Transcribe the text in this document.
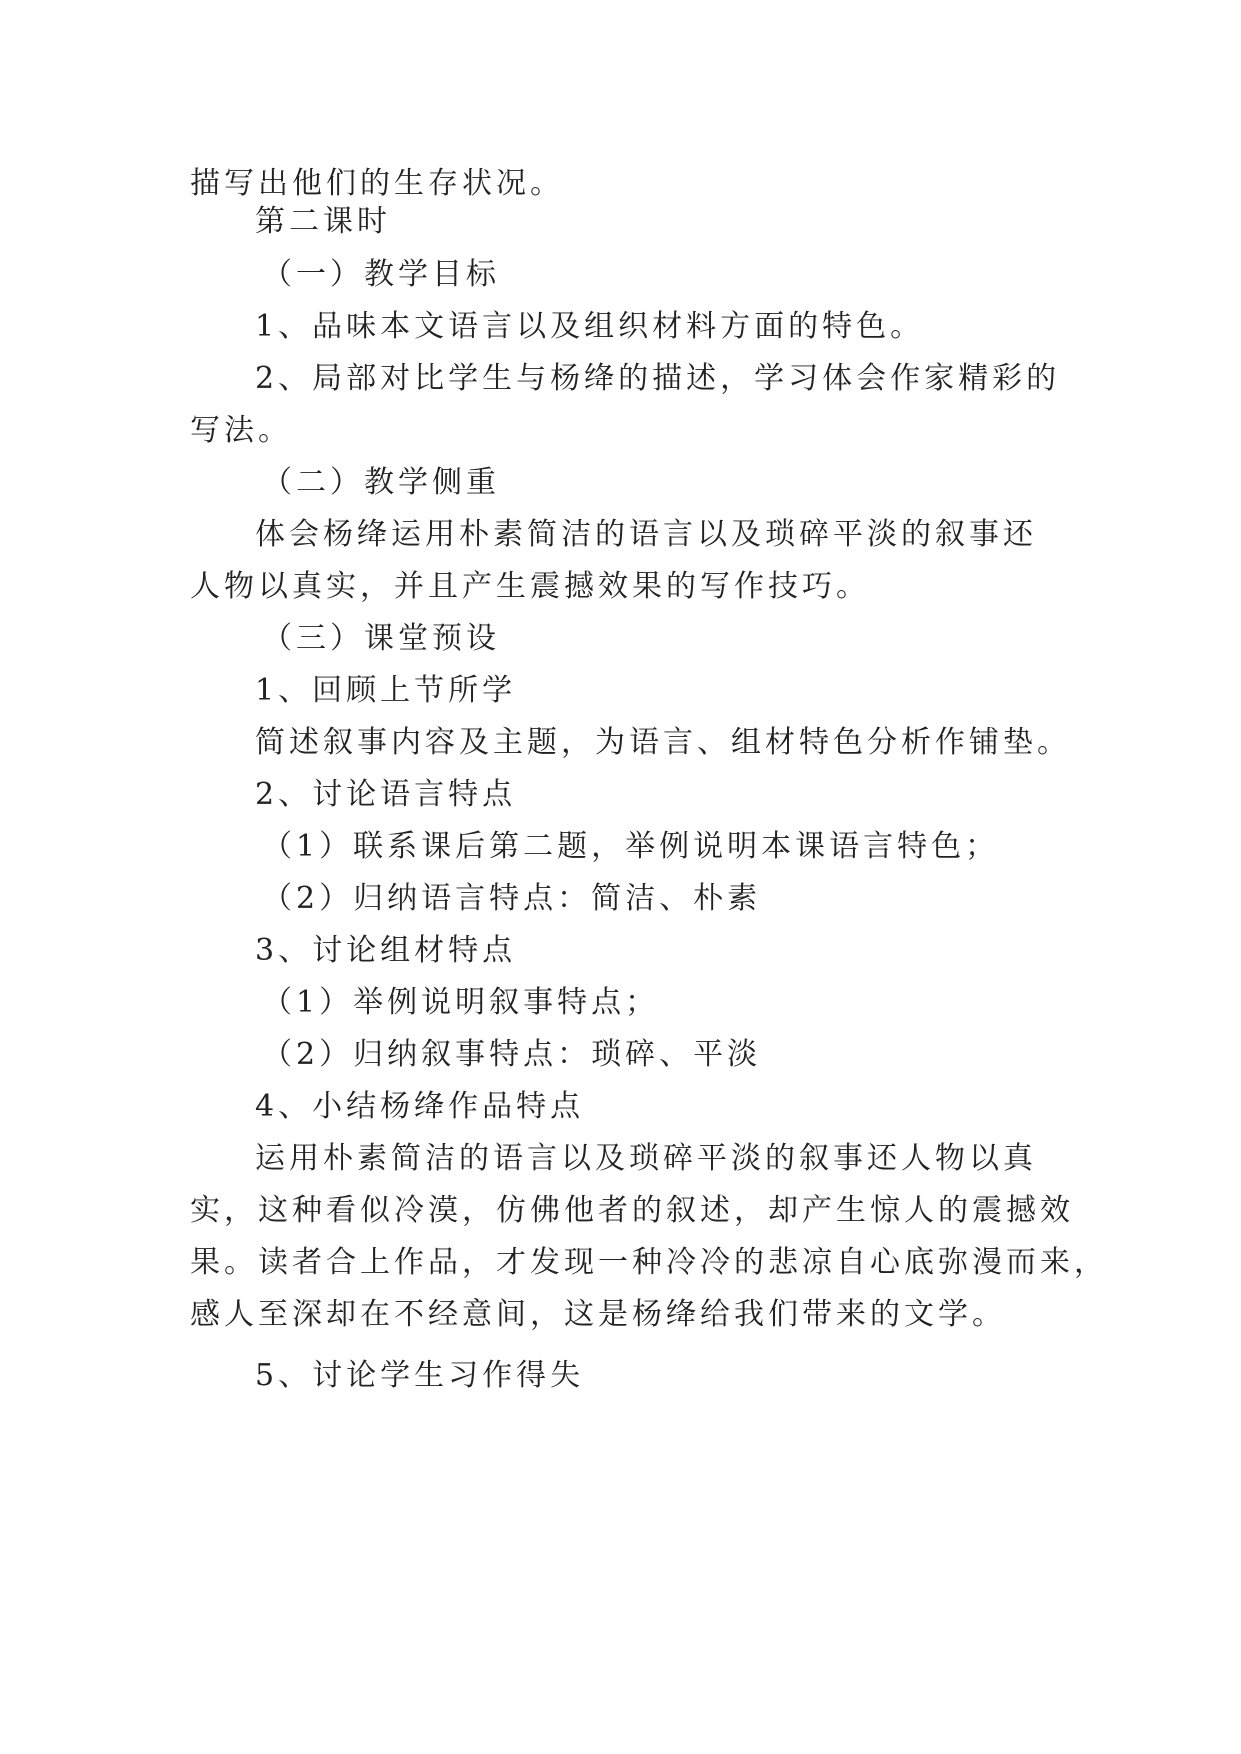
描写出他们的生存状况。
第二课时
（一）教学目标
1、品味本文语言以及组织材料方面的特色。
2、局部对比学生与杨绛的描述，学习体会作家精彩的
写法。
（二）教学侧重
体会杨绛运用朴素简洁的语言以及琐碎平淡的叙事还
人物以真实，并且产生震撼效果的写作技巧。
（三）课堂预设
1、回顾上节所学
简述叙事内容及主题，为语言、组材特色分析作铺垫。
2、讨论语言特点
（1）联系课后第二题，举例说明本课语言特色；
（2）归纳语言特点：简洁、朴素
3、讨论组材特点
（1）举例说明叙事特点；
（2）归纳叙事特点：琐碎、平淡
4、小结杨绛作品特点
运用朴素简洁的语言以及琐碎平淡的叙事还人物以真
实，这种看似冷漠，仿佛他者的叙述，却产生惊人的震撼效
果。读者合上作品，才发现一种冷冷的悲凉自心底弥漫而来，
感人至深却在不经意间，这是杨绛给我们带来的文学。
5、讨论学生习作得失
